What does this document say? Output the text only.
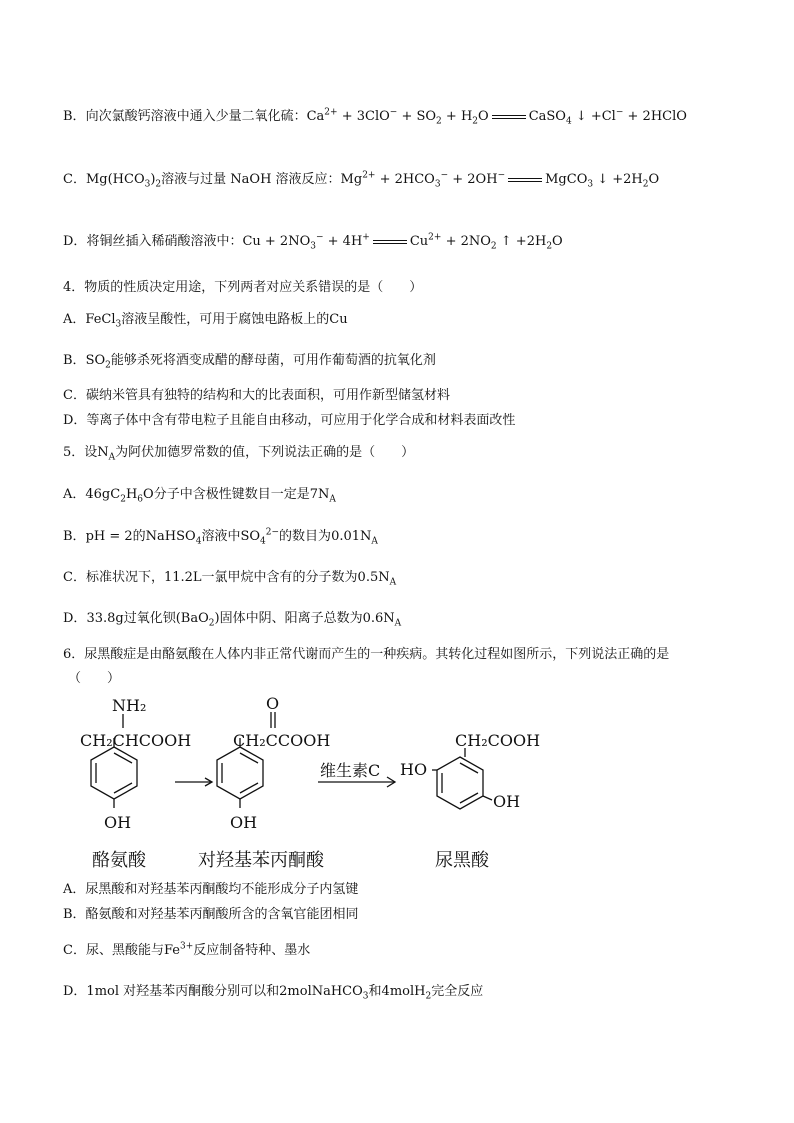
B．向次氯酸钙溶液中通入少量二氧化硫：$Ca^{2+} + 3ClO^- + SO_2 + H_2O$	CaSO$_4$ ↓ +Cl− + 2HClO
C．$Mg(HCO_3)_2$溶液与过量 NaOH 溶液反应：$Mg^{2+} + 2HCO_3^- + 2OH^-$	MgCO$_3$ ↓ $+2H_2O$
D．将铜丝插入稀硝酸溶液中：$Cu + 2NO_3^- + 4H^+$	$Cu^{2+} + 2NO_2$ ↑ $+2H_2O$
4．物质的性质决定用途，下列两者对应关系错误的是（　　）
A．FeCl$_3$溶液呈酸性，可用于腐蚀电路板上的Cu
B．$SO_2$能够杀死将酒变成醋的酵母菌，可用作葡萄酒的抗氧化剂
C．碳纳米管具有独特的结构和大的比表面积，可用作新型储氢材料
D．等离子体中含有带电粒子且能自由移动，可应用于化学合成和材料表面改性
5．设$N_A$为阿伏加德罗常数的值，下列说法正确的是（　　）
A．$46gC_2H_6O$分子中含极性键数目一定是$7N_A$
B．pH = 2的NaHSO$_4$溶液中$SO_4^{2-}$的数目为$0.01N_A$
C．标准状况下，11.2L一氯甲烷中含有的分子数为$0.5N_A$
D．33.8g过氧化钡(BaO$_2$)固体中阴、阳离子总数为$0.6N_A$
6．尿黑酸症是由酪氨酸在人体内非正常代谢而产生的一种疾病。其转化过程如图所示，下列说法正确的是
（　　）
NH₂
CH₂CHCOOH
OH
O
CH₂CCOOH
OH
维生素C
CH₂COOH
HO
OH
酪氨酸	对羟基苯丙酮酸	尿黑酸
A．尿黑酸和对羟基苯丙酮酸均不能形成分子内氢键
B．酪氨酸和对羟基苯丙酮酸所含的含氧官能团相同
C．尿、黑酸能与$Fe^{3+}$反应制备特种、墨水
D．1mol 对羟基苯丙酮酸分别可以和2molNaHCO$_3$和4molH$_2$完全反应
